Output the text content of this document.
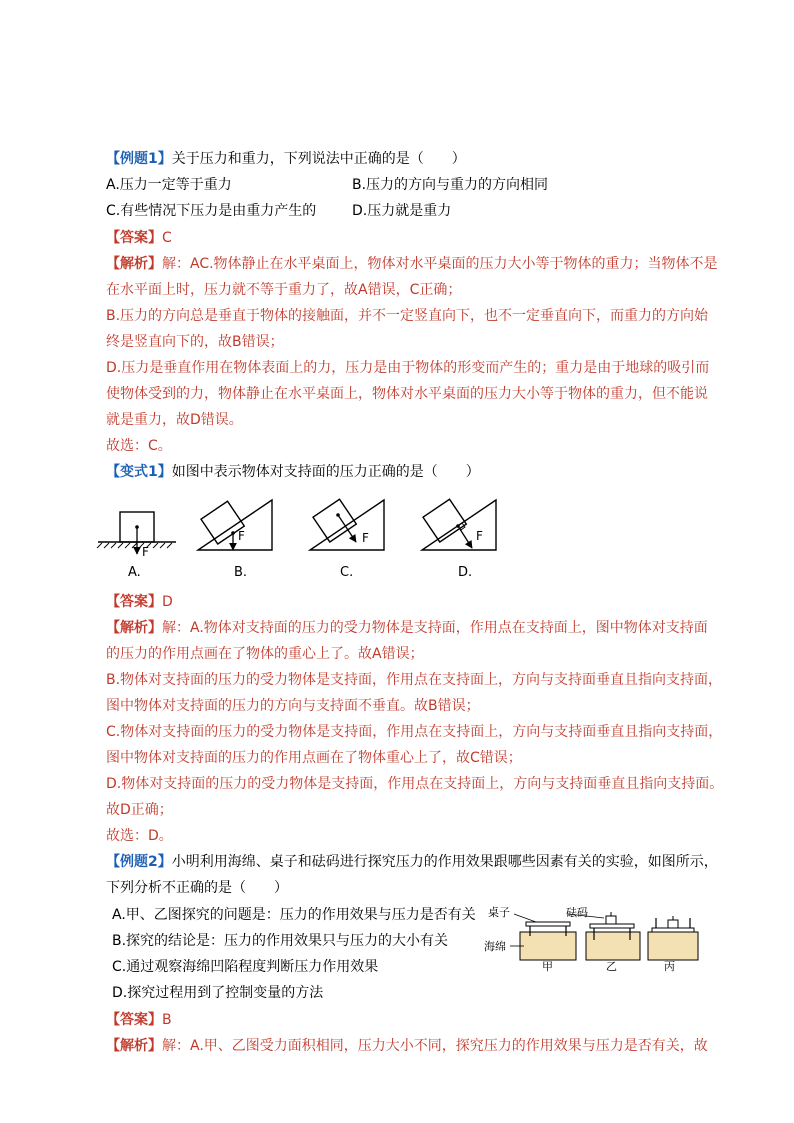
【例题1】关于压力和重力，下列说法中正确的是（　　）
A.压力一定等于重力	B.压力的方向与重力的方向相同
C.有些情况下压力是由重力产生的	D.压力就是重力
【答案】C
【解析】解：AC.物体静止在水平桌面上，物体对水平桌面的压力大小等于物体的重力；当物体不是
在水平面上时，压力就不等于重力了，故A错误，C正确；
B.压力的方向总是垂直于物体的接触面，并不一定竖直向下，也不一定垂直向下，而重力的方向始
终是竖直向下的，故B错误；
D.压力是垂直作用在物体表面上的力，压力是由于物体的形变而产生的；重力是由于地球的吸引而
使物体受到的力，物体静止在水平桌面上，物体对水平桌面的压力大小等于物体的重力，但不能说
就是重力，故D错误。
故选：C。
【变式1】如图中表示物体对支持面的压力正确的是（　　）
F
F	F	F
A.	B.	C.	D.
【答案】D
【解析】解：A.物体对支持面的压力的受力物体是支持面，作用点在支持面上，图中物体对支持面
的压力的作用点画在了物体的重心上了。故A错误；
B.物体对支持面的压力的受力物体是支持面，作用点在支持面上，方向与支持面垂直且指向支持面，
图中物体对支持面的压力的方向与支持面不垂直。故B错误；
C.物体对支持面的压力的受力物体是支持面，作用点在支持面上，方向与支持面垂直且指向支持面，
图中物体对支持面的压力的作用点画在了物体重心上了，故C错误；
D.物体对支持面的压力的受力物体是支持面，作用点在支持面上，方向与支持面垂直且指向支持面。
故D正确；
故选：D。
【例题2】小明利用海绵、桌子和砝码进行探究压力的作用效果跟哪些因素有关的实验，如图所示，
下列分析不正确的是（　　）
A.甲、乙图探究的问题是：压力的作用效果与压力是否有关
B.探究的结论是：压力的作用效果只与压力的大小有关
C.通过观察海绵凹陷程度判断压力作用效果
D.探究过程用到了控制变量的方法
桌子	砝码
海绵
甲	乙	丙
【答案】B
【解析】解：A.甲、乙图受力面积相同，压力大小不同，探究压力的作用效果与压力是否有关，故
